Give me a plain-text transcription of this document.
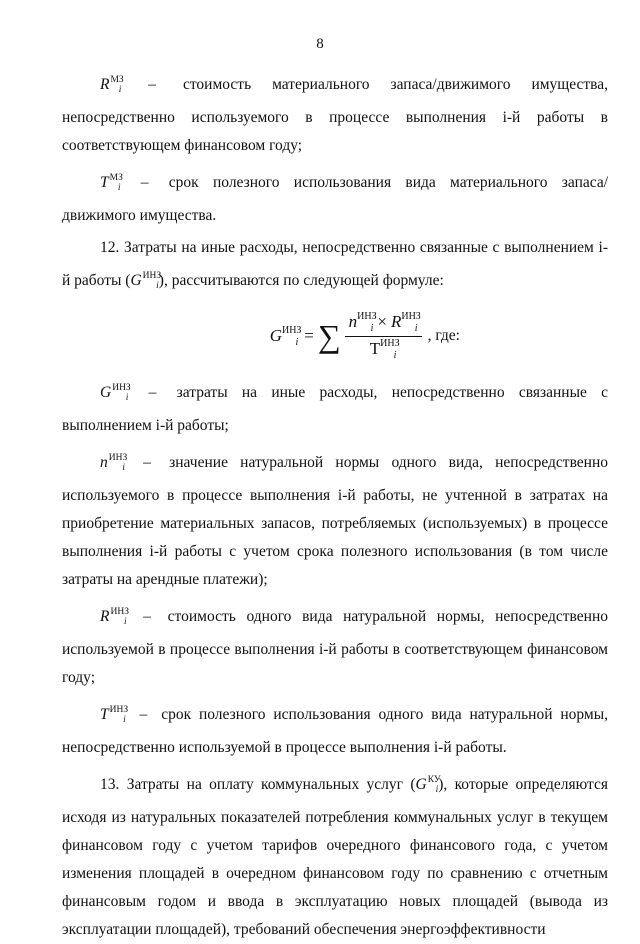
8

$R^{МЗ}_i$ – стоимость материального запаса/движимого имущества, непосредственно используемого в процессе выполнения i-й работы в соответствующем финансовом году;

$T^{МЗ}_i$ – срок полезного использования вида материального запаса/движимого имущества.

12. Затраты на иные расходы, непосредственно связанные с выполнением i-й работы $(G^{ИНЗ}_i)$, рассчитываются по следующей формуле:

$G^{ИНЗ}_i$ = ∑ $\frac{n^{ИНЗ}_i \times R^{ИНЗ}_i}{T^{ИНЗ}_i}$ , где:

$G^{ИНЗ}_i$ – затраты на иные расходы, непосредственно связанные с выполнением i-й работы;

$n^{ИНЗ}_i$ – значение натуральной нормы одного вида, непосредственно используемого в процессе выполнения i-й работы, не учтенной в затратах на приобретение материальных запасов, потребляемых (используемых) в процессе выполнения i-й работы с учетом срока полезного использования (в том числе затраты на арендные платежи);

$R^{ИНЗ}_i$ – стоимость одного вида натуральной нормы, непосредственно используемой в процессе выполнения i-й работы в соответствующем финансовом году;

$T^{ИНЗ}_i$ – срок полезного использования одного вида натуральной нормы, непосредственно используемой в процессе выполнения i-й работы.

13. Затраты на оплату коммунальных услуг $(G^{КУ}_i)$, которые определяются исходя из натуральных показателей потребления коммунальных услуг в текущем финансовом году с учетом тарифов очередного финансового года, с учетом изменения площадей в очередном финансовом году по сравнению с отчетным финансовым годом и ввода в эксплуатацию новых площадей (вывода из эксплуатации площадей), требований обеспечения энергоэффективности
